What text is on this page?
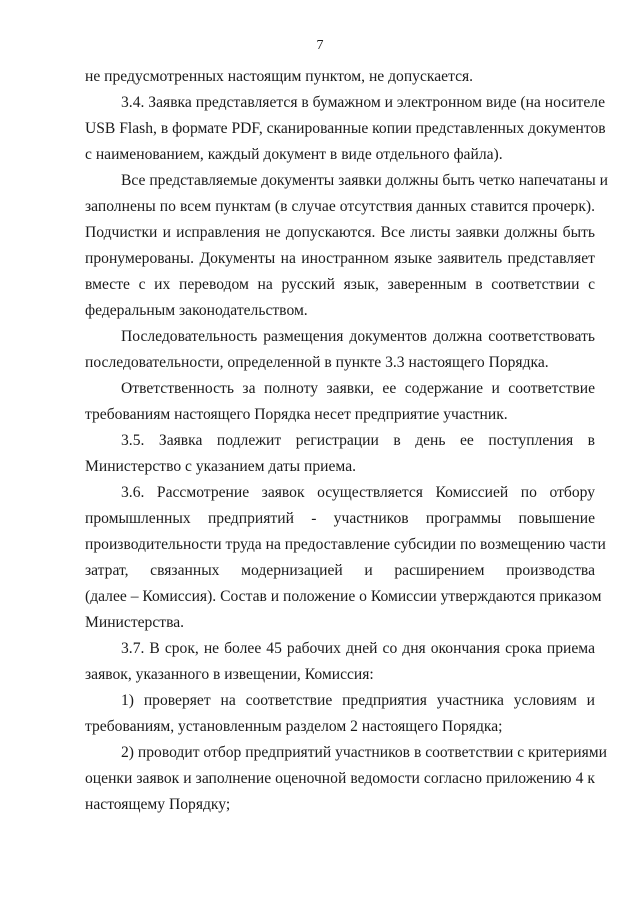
7
не предусмотренных настоящим пунктом, не допускается.
3.4. Заявка представляется в бумажном и электронном виде (на носителе
USB Flash, в формате PDF, сканированные копии представленных документов
с наименованием, каждый документ в виде отдельного файла).
Все представляемые документы заявки должны быть четко напечатаны и
заполнены по всем пунктам (в случае отсутствия данных ставится прочерк).
Подчистки и исправления не допускаются. Все листы заявки должны быть
пронумерованы. Документы на иностранном языке заявитель представляет
вместе с их переводом на русский язык, заверенным в соответствии с
федеральным законодательством.
Последовательность размещения документов должна соответствовать
последовательности, определенной в пункте 3.3 настоящего Порядка.
Ответственность за полноту заявки, ее содержание и соответствие
требованиям настоящего Порядка несет предприятие участник.
3.5. Заявка подлежит регистрации в день ее поступления в
Министерство с указанием даты приема.
3.6. Рассмотрение заявок осуществляется Комиссией по отбору
промышленных предприятий - участников программы повышение
производительности труда на предоставление субсидии по возмещению части
затрат, связанных модернизацией и расширением производства
(далее – Комиссия). Состав и положение о Комиссии утверждаются приказом
Министерства.
3.7. В срок, не более 45 рабочих дней со дня окончания срока приема
заявок, указанного в извещении, Комиссия:
1) проверяет на соответствие предприятия участника условиям и
требованиям, установленным разделом 2 настоящего Порядка;
2) проводит отбор предприятий участников в соответствии с критериями
оценки заявок и заполнение оценочной ведомости согласно приложению 4 к
настоящему Порядку;
